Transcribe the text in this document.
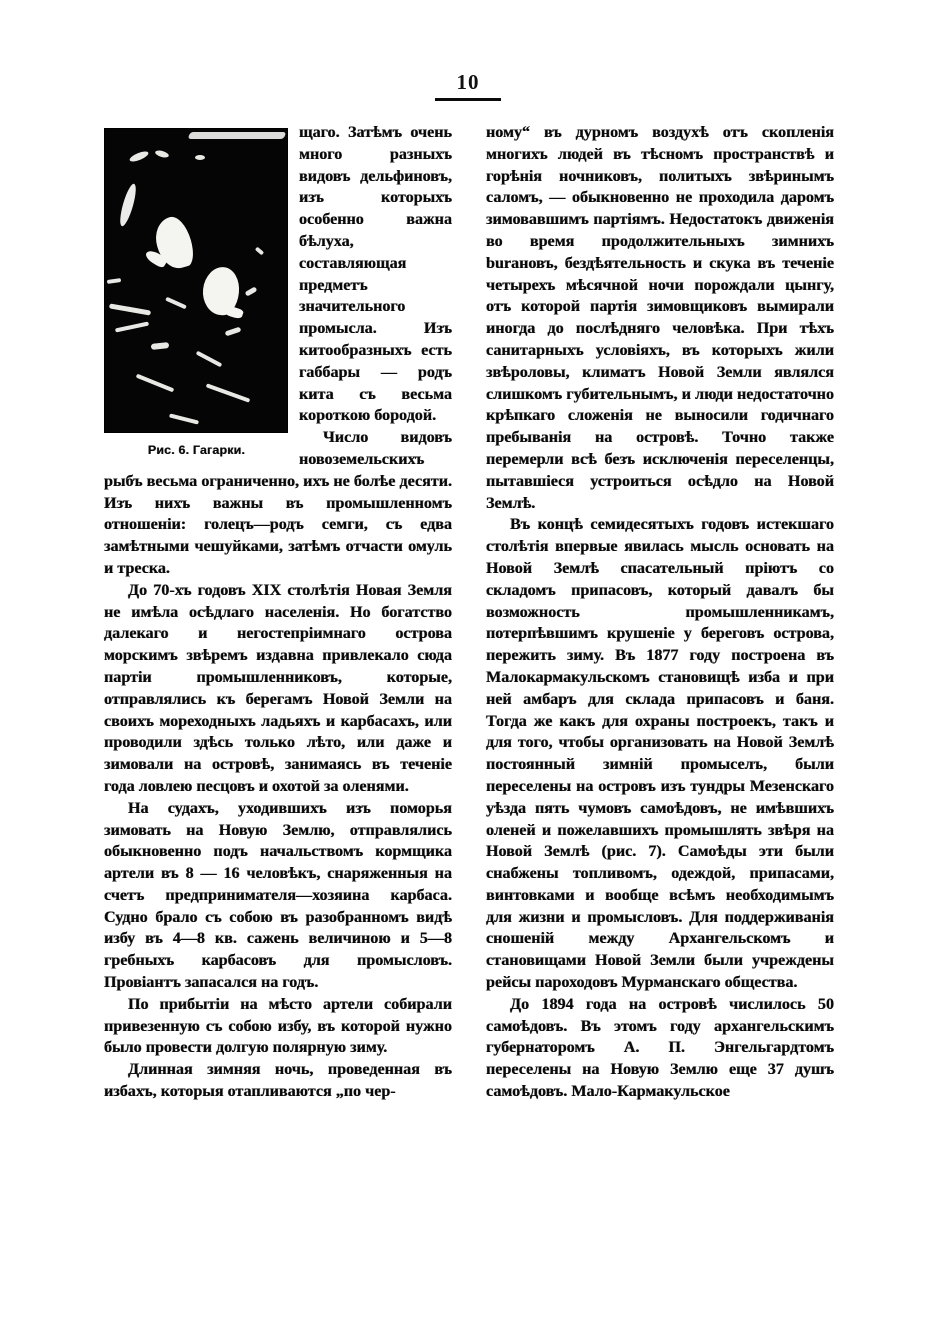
10
Рис. 6. Гагарки.

щаго. Затѣмъ очень много разныхъ видовъ дельфиновъ, изъ которыхъ особенно важна бѣлуха, составляющая предметъ значительного промысла. Изъ китообразныхъ есть габбары — родъ кита съ весьма короткою бородой.

Число видовъ новоземельскихъ рыбъ весьма ограниченно, ихъ не болѣе десяти. Изъ нихъ важны въ промышленномъ отношеніи: голецъ—родъ семги, съ едва замѣтными чешуйками, затѣмъ отчасти омуль и треска.

До 70-хъ годовъ XIX столѣтія Новая Земля не имѣла осѣдлаго населенія. Но богатство далекаго и негостепріимнаго острова морскимъ звѣремъ издавна привлекало сюда партіи промышленниковъ, которые, отправлялись къ берегамъ Новой Земли на своихъ мореходныхъ ладьяхъ и карбасахъ, или проводили здѣсь только лѣто, или даже и зимовали на островѣ, занимаясь въ теченіе года ловлею песцовъ и охотой за оленями.

На судахъ, уходившихъ изъ поморья зимовать на Новую Землю, отправлялись обыкновенно подъ начальствомъ кормщика артели въ 8 — 16 человѣкъ, снаряженныя на счетъ предпринимателя—хозяина карбаса. Судно брало съ собою въ разобранномъ видѣ избу въ 4—8 кв. сажень величиною и 5—8 гребныхъ карбасовъ для промысловъ. Провіантъ запасался на годъ.

По прибытіи на мѣсто артели собирали привезенную съ собою избу, въ которой нужно было провести долгую полярную зиму.

Длинная зимняя ночь, проведенная въ избахъ, которыя отапливаются „по чер-

ному“ въ дурномъ воздухѣ отъ скопленія многихъ людей въ тѣсномъ пространствѣ и горѣнія ночниковъ, политыхъ звѣринымъ саломъ, — обыкновенно не проходила даромъ зимовавшимъ партіямъ. Недостатокъ движенія во время продолжительныхъ зимнихъ burановъ, бездѣятельность и скука въ теченіе четырехъ мѣсячной ночи порождали цынгу, отъ которой партія зимовщиковъ вымирали иногда до послѣдняго человѣка. При тѣхъ санитарныхъ условіяхъ, въ которыхъ жили звѣроловы, климатъ Новой Земли являлся слишкомъ губительнымъ, и люди недостаточно крѣпкаго сложенія не выносили годичнаго пребыванія на островѣ. Точно также перемерли всѣ безъ исключенія переселенцы, пытавшіеся устроиться осѣдло на Новой Землѣ.

Въ концѣ семидесятыхъ годовъ истекшаго столѣтія впервые явилась мысль основать на Новой Землѣ спасательный пріютъ со складомъ припасовъ, который давалъ бы возможность промышленникамъ, потерпѣвшимъ крушеніе у береговъ острова, пережить зиму. Въ 1877 году построена въ Малокармакульскомъ становищѣ изба и при ней амбаръ для склада припасовъ и баня. Тогда же какъ для охраны построекъ, такъ и для того, чтобы организовать на Новой Землѣ постоянный зимній промыселъ, были переселены на островъ изъ тундры Мезенскаго уѣзда пять чумовъ самоѣдовъ, не имѣвшихъ оленей и пожелавшихъ промышлять звѣря на Новой Землѣ (рис. 7). Самоѣды эти были снабжены топливомъ, одеждой, припасами, винтовками и вообще всѣмъ необходимымъ для жизни и промысловъ. Для поддерживанія сношеній между Архангельскомъ и становищами Новой Земли были учреждены рейсы пароходовъ Мурманскаго общества.

До 1894 года на островѣ числилось 50 самоѣдовъ. Въ этомъ году архангельскимъ губернаторомъ А. П. Энгельгардтомъ переселены на Новую Землю еще 37 душъ самоѣдовъ. Мало-Кармакульское
